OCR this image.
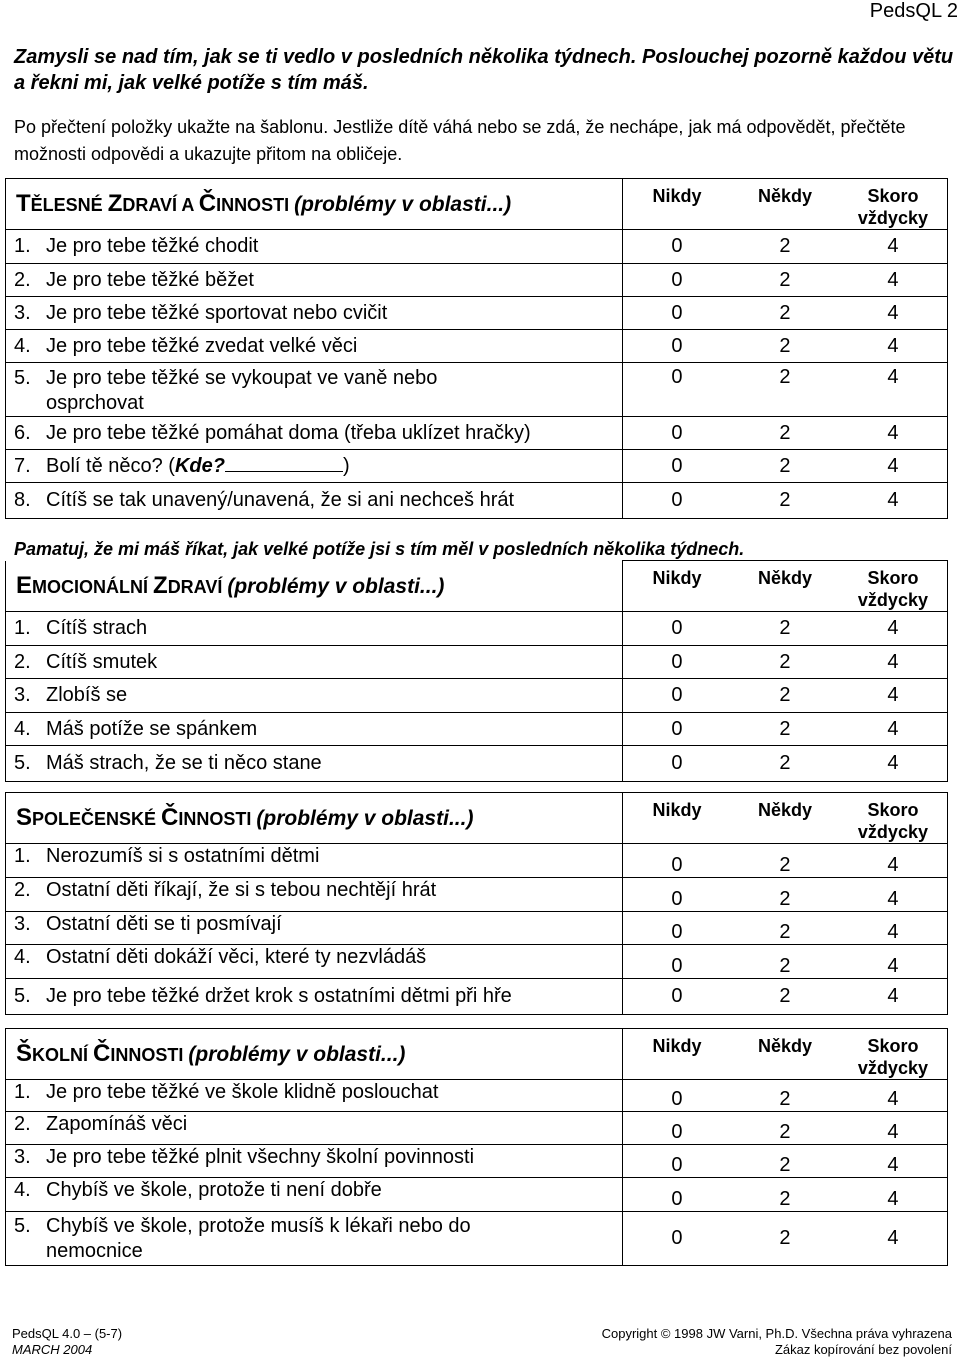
PedsQL 2
Zamysli se nad tím, jak se ti vedlo v posledních několika týdnech. Poslouchej pozorně každou větu a řekni mi, jak velké potíže s tím máš.
Po přečtení položky ukažte na šablonu. Jestliže dítě váhá nebo se zdá, že nechápe, jak má odpovědět, přečtěte možnosti odpovědi a ukazujte přitom na obličeje.
TĚLESNÉ ZDRAVÍ A ČINNOSTI (problémy v oblasti...)	Nikdy Někdy Skoro vždycky

1. Je pro tebe těžké chodit	0 2 4

2. Je pro tebe těžké běžet	0 2 4

3. Je pro tebe těžké sportovat nebo cvičit	0 2 4

4. Je pro tebe těžké zvedat velké věci	0 2 4

5. Je pro tebe těžké se vykoupat ve vaně nebo osprchovat	0 2 4

6. Je pro tebe těžké pomáhat doma (třeba uklízet hračky)	0 2 4

7. Bolí tě něco? (Kde? )	0 2 4

8. Cítíš se tak unavený/unavená, že si ani nechceš hrát	0 2 4
Pamatuj, že mi máš říkat, jak velké potíže jsi s tím měl v posledních několika týdnech.
EMOCIONÁLNÍ ZDRAVÍ (problémy v oblasti...)	Nikdy Někdy Skoro vždycky

1. Cítíš strach	0 2 4

2. Cítíš smutek	0 2 4

3. Zlobíš se	0 2 4

4. Máš potíže se spánkem	0 2 4

5. Máš strach, že se ti něco stane	0 2 4
SPOLEČENSKÉ ČINNOSTI (problémy v oblasti...)	Nikdy Někdy Skoro vždycky

1. Nerozumíš si s ostatními dětmi	0 2 4

2. Ostatní děti říkají, že si s tebou nechtějí hrát	0 2 4

3. Ostatní děti se ti posmívají	0 2 4

4. Ostatní děti dokáží věci, které ty nezvládáš	0 2 4

5. Je pro tebe těžké držet krok s ostatními dětmi při hře	0 2 4
ŠKOLNÍ ČINNOSTI (problémy v oblasti...)	Nikdy Někdy Skoro vždycky

1. Je pro tebe těžké ve škole klidně poslouchat	0 2 4

2. Zapomínáš věci	0 2 4

3. Je pro tebe těžké plnit všechny školní povinnosti	0 2 4

4. Chybíš ve škole, protože ti není dobře	0 2 4

5. Chybíš ve škole, protože musíš k lékaři nebo do nemocnice	0 2 4
PedsQL 4.0 – (5-7)
MARCH 2004
Copyright © 1998 JW Varni, Ph.D. Všechna práva vyhrazena
Zákaz kopírování bez povolení
